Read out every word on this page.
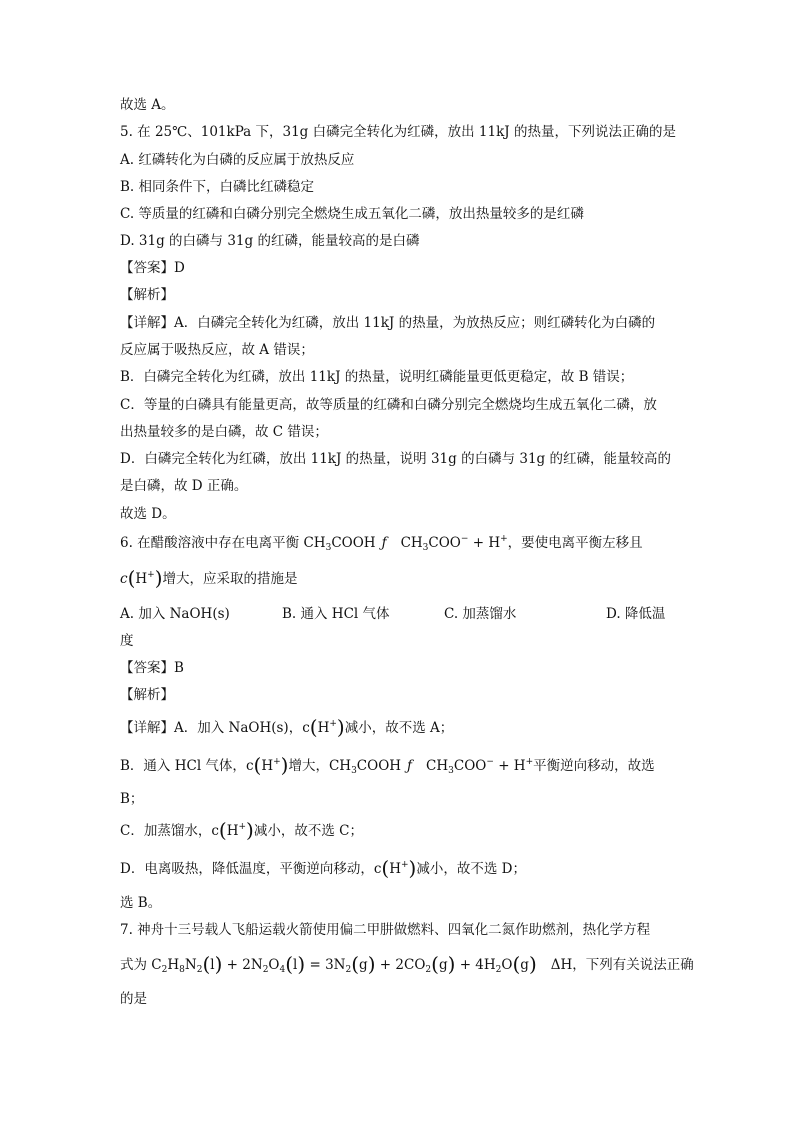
故选 A。
5. 在 25℃、101kPa 下，31g 白磷完全转化为红磷，放出 11kJ 的热量，下列说法正确的是
A. 红磷转化为白磷的反应属于放热反应
B. 相同条件下，白磷比红磷稳定
C. 等质量的红磷和白磷分别完全燃烧生成五氧化二磷，放出热量较多的是红磷
D. 31g 的白磷与 31g 的红磷，能量较高的是白磷
【答案】D
【解析】
【详解】A．白磷完全转化为红磷，放出 11kJ 的热量，为放热反应；则红磷转化为白磷的
反应属于吸热反应，故 A 错误；
B．白磷完全转化为红磷，放出 11kJ 的热量，说明红磷能量更低更稳定，故 B 错误；
C．等量的白磷具有能量更高，故等质量的红磷和白磷分别完全燃烧均生成五氧化二磷，放
出热量较多的是白磷，故 C 错误；
D．白磷完全转化为红磷，放出 11kJ 的热量，说明 31g 的白磷与 31g 的红磷，能量较高的
是白磷，故 D 正确。
故选 D。
6. 在醋酸溶液中存在电离平衡 $CH_3COOH$ ƒ $CH_3COO^- + H^+$，要使电离平衡左移且
c(H+)增大，应采取的措施是
A. 加入 NaOH(s)	B. 通入 HCl 气体	C. 加蒸馏水	D. 降低温
度
【答案】B
【解析】
【详解】A．加入 NaOH(s)，c(H+)减小，故不选 A；
B．通入 HCl 气体，c(H+)增大，$CH_3COOH$ ƒ $CH_3COO^- + H^+$平衡逆向移动，故选
B；
C．加蒸馏水，c(H+)减小，故不选 C；
D．电离吸热，降低温度，平衡逆向移动，c(H+)减小，故不选 D；
选 B。
7. 神舟十三号载人飞船运载火箭使用偏二甲肼做燃料、四氧化二氮作助燃剂，热化学方程
式为 $C_2H_8N_2(l) + 2N_2O_4(l) = 3N_2(g) + 2CO_2(g) + 4H_2O(g)$ ΔH，下列有关说法正确
的是
